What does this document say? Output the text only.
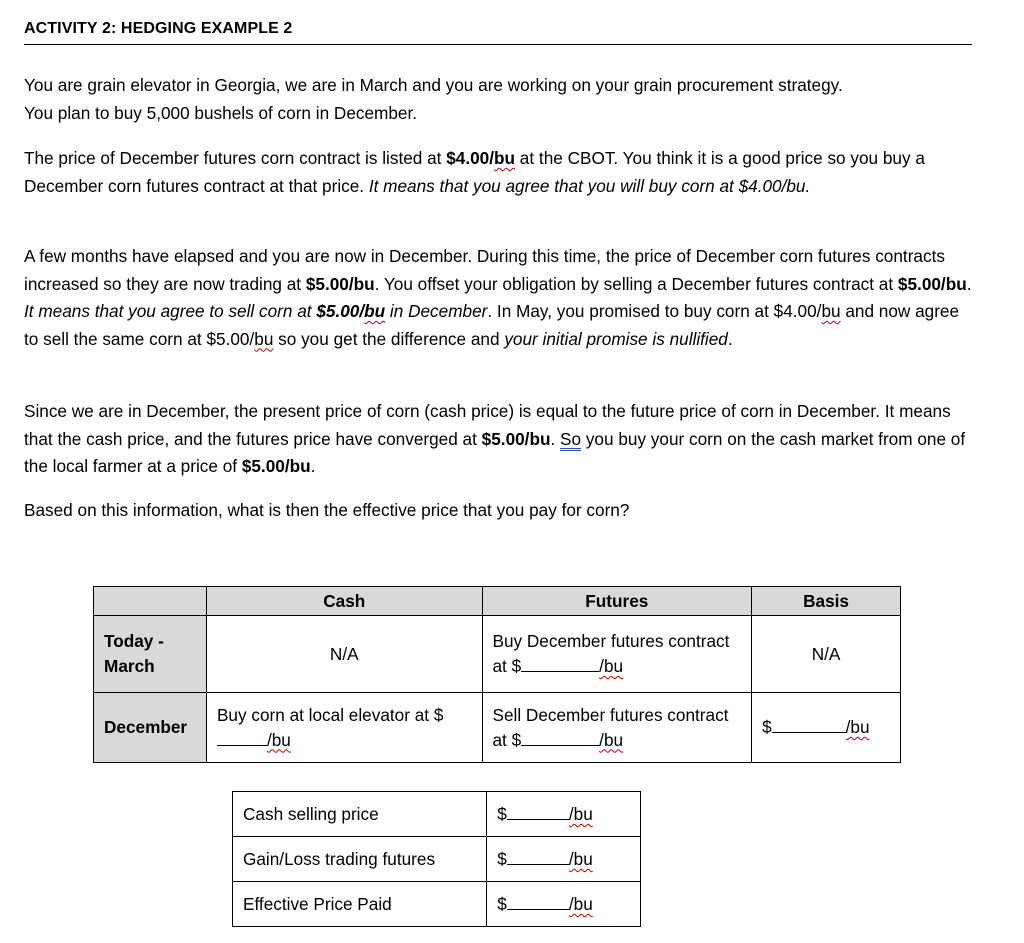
ACTIVITY 2: HEDGING EXAMPLE 2
You are grain elevator in Georgia, we are in March and you are working on your grain procurement strategy.
You plan to buy 5,000 bushels of corn in December.
The price of December futures corn contract is listed at $4.00/bu at the CBOT. You think it is a good price so you buy a December corn futures contract at that price. It means that you agree that you will buy corn at $4.00/bu.
A few months have elapsed and you are now in December. During this time, the price of December corn futures contracts increased so they are now trading at $5.00/bu. You offset your obligation by selling a December futures contract at $5.00/bu. It means that you agree to sell corn at $5.00/bu in December. In May, you promised to buy corn at $4.00/bu and now agree to sell the same corn at $5.00/bu so you get the difference and your initial promise is nullified.
Since we are in December, the present price of corn (cash price) is equal to the future price of corn in December. It means that the cash price, and the futures price have converged at $5.00/bu. So you buy your corn on the cash market from one of the local farmer at a price of $5.00/bu.
Based on this information, what is then the effective price that you pay for corn?
	Cash	Futures	Basis
Today - March	N/A	Buy December futures contract at $ /bu	N/A
December	Buy corn at local elevator at $/bu	Sell December futures contract at $ /bu	$ /bu
Cash selling price	$ /bu
Gain/Loss trading futures	$ /bu
Effective Price Paid	$ /bu
